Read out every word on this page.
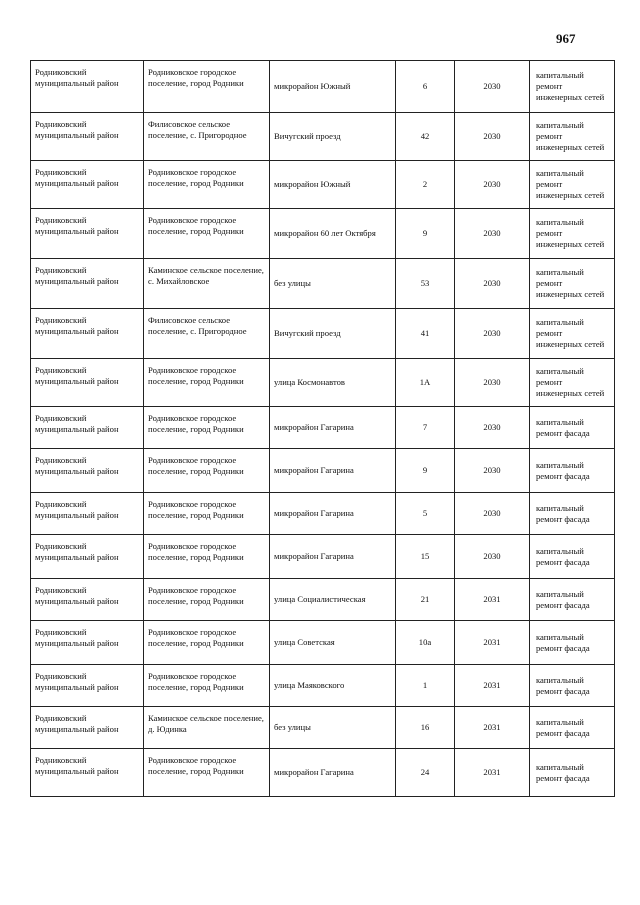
967
Родниковский муниципальный район	Родниковское городское поселение, город Родники	микрорайон Южный	6	2030	капитальный ремонт инженерных сетей
Родниковский муниципальный район	Филисовское сельское поселение, с. Пригородное	Вичугский проезд	42	2030	капитальный ремонт инженерных сетей
Родниковский муниципальный район	Родниковское городское поселение, город Родники	микрорайон Южный	2	2030	капитальный ремонт инженерных сетей
Родниковский муниципальный район	Родниковское городское поселение, город Родники	микрорайон 60 лет Октября	9	2030	капитальный ремонт инженерных сетей
Родниковский муниципальный район	Каминское сельское поселение, с. Михайловское	без улицы	53	2030	капитальный ремонт инженерных сетей
Родниковский муниципальный район	Филисовское сельское поселение, с. Пригородное	Вичугский проезд	41	2030	капитальный ремонт инженерных сетей
Родниковский муниципальный район	Родниковское городское поселение, город Родники	улица Космонавтов	1А	2030	капитальный ремонт инженерных сетей
Родниковский муниципальный район	Родниковское городское поселение, город Родники	микрорайон Гагарина	7	2030	капитальный ремонт фасада
Родниковский муниципальный район	Родниковское городское поселение, город Родники	микрорайон Гагарина	9	2030	капитальный ремонт фасада
Родниковский муниципальный район	Родниковское городское поселение, город Родники	микрорайон Гагарина	5	2030	капитальный ремонт фасада
Родниковский муниципальный район	Родниковское городское поселение, город Родники	микрорайон Гагарина	15	2030	капитальный ремонт фасада
Родниковский муниципальный район	Родниковское городское поселение, город Родники	улица Социалистическая	21	2031	капитальный ремонт фасада
Родниковский муниципальный район	Родниковское городское поселение, город Родники	улица Советская	10а	2031	капитальный ремонт фасада
Родниковский муниципальный район	Родниковское городское поселение, город Родники	улица Маяковского	1	2031	капитальный ремонт фасада
Родниковский муниципальный район	Каминское сельское поселение, д. Юдинка	без улицы	16	2031	капитальный ремонт фасада
Родниковский муниципальный район	Родниковское городское поселение, город Родники	микрорайон Гагарина	24	2031	капитальный ремонт фасада
